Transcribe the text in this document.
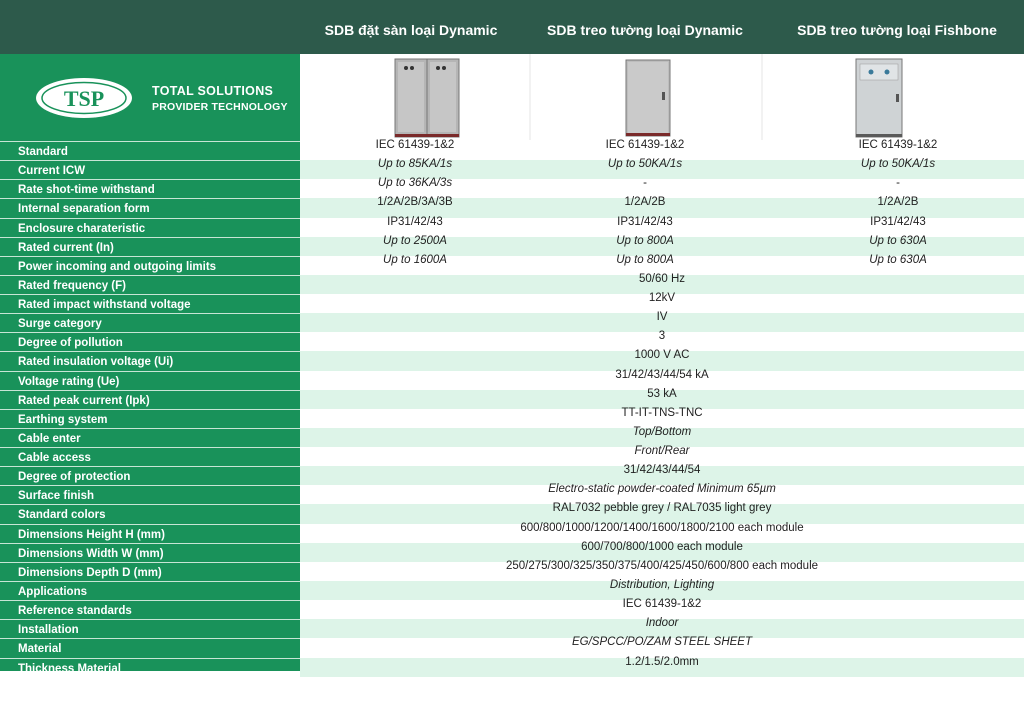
SDB đặt sàn loại Dynamic	SDB treo tường loại Dynamic	SDB treo tường loại Fishbone
TSP	TOTAL SOLUTIONS
PROVIDER TECHNOLOGY
Standard
IEC 61439-1&2	IEC 61439-1&2	IEC 61439-1&2
Current ICW
Up to 85KA/1s	Up to 50KA/1s	Up to 50KA/1s
Rate shot-time withstand
Up to 36KA/3s	-	-
Internal separation form
1/2A/2B/3A/3B	1/2A/2B	1/2A/2B
Enclosure charateristic
IP31/42/43	IP31/42/43	IP31/42/43
Rated current (In)
Up to 2500A	Up to 800A	Up to 630A
Power incoming and outgoing limits
Up to 1600A	Up to 800A	Up to 630A
Rated frequency (F)
50/60 Hz
Rated impact withstand voltage
12kV
Surge category
IV
Degree of pollution
3
Rated insulation voltage (Ui)
1000 V AC
Voltage rating (Ue)
31/42/43/44/54 kA
Rated peak current (Ipk)
53 kA
Earthing system
TT-IT-TNS-TNC
Cable enter
Top/Bottom
Cable access
Front/Rear
Degree of protection
31/42/43/44/54
Surface finish
Electro-static powder-coated Minimum 65µm
Standard colors
RAL7032 pebble grey / RAL7035 light grey
Dimensions Height H (mm)
600/800/1000/1200/1400/1600/1800/2100 each module
Dimensions Width W (mm)
600/700/800/1000 each module
Dimensions Depth D (mm)
250/275/300/325/350/375/400/425/450/600/800 each module
Applications
Distribution, Lighting
Reference standards
IEC 61439-1&2
Installation
Indoor
Material
EG/SPCC/PO/ZAM STEEL SHEET
Thickness Material
1.2/1.5/2.0mm
